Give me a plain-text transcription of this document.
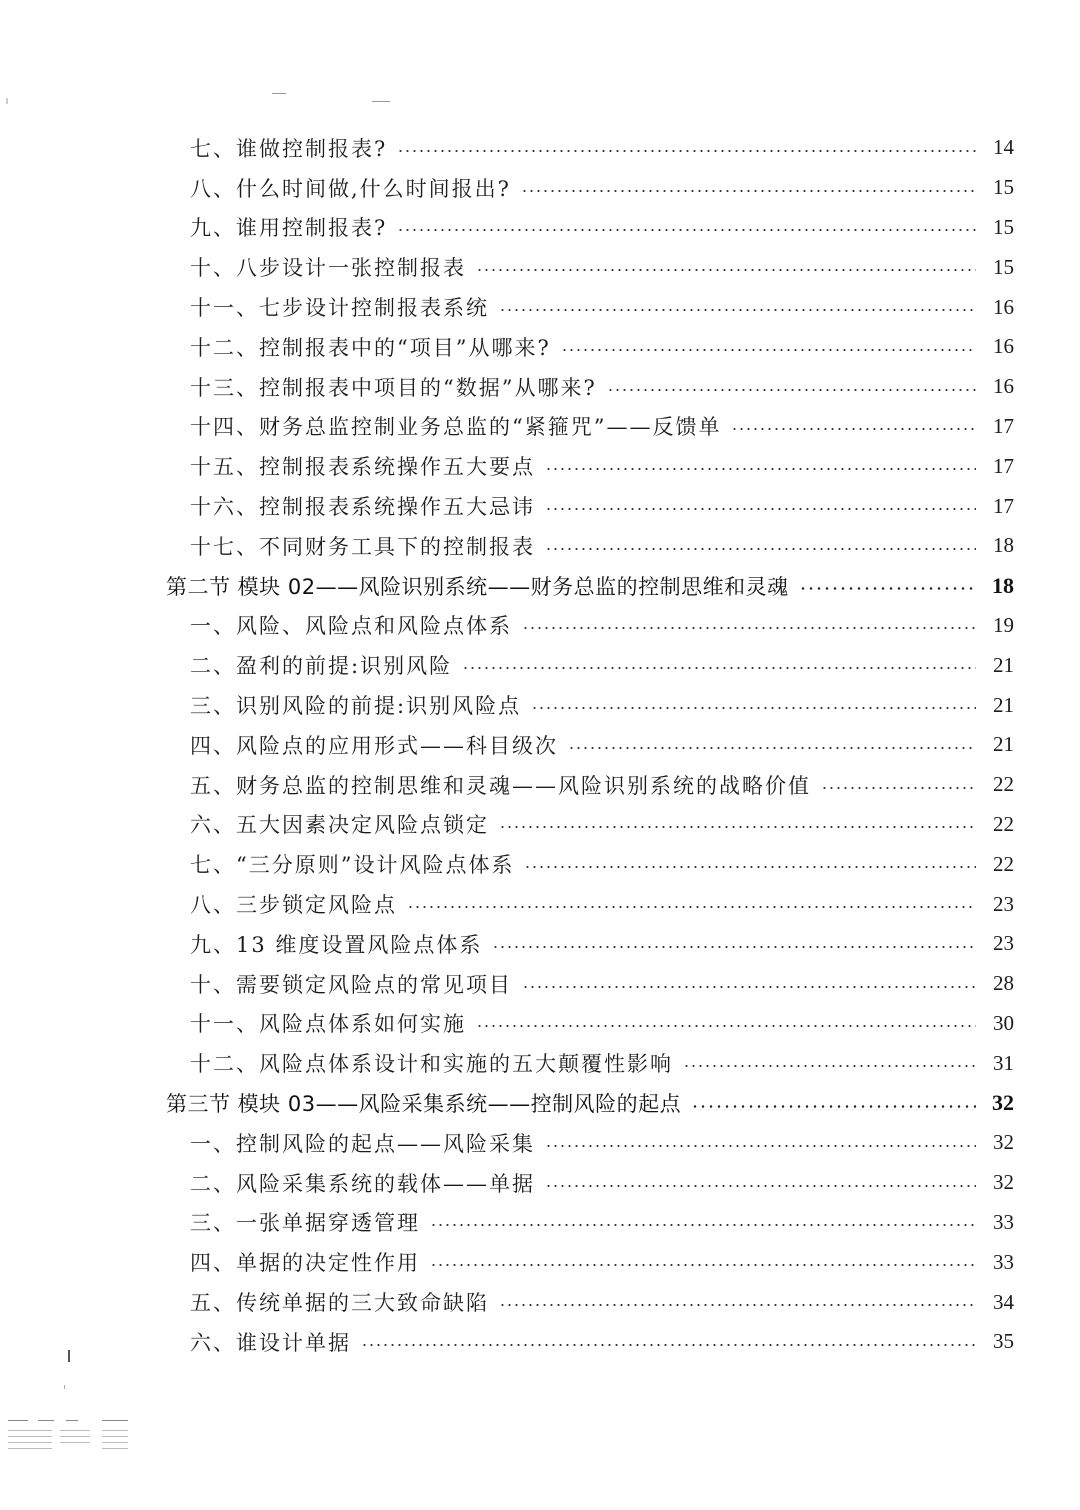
七、谁做控制报表?	14
八、什么时间做,什么时间报出?	15
九、谁用控制报表?	15
十、八步设计一张控制报表	15
十一、七步设计控制报表系统	16
十二、控制报表中的“项目”从哪来?	16
十三、控制报表中项目的“数据”从哪来?	16
十四、财务总监控制业务总监的“紧箍咒”——反馈单	17
十五、控制报表系统操作五大要点	17
十六、控制报表系统操作五大忌讳	17
十七、不同财务工具下的控制报表	18
第二节 模块 02——风险识别系统——财务总监的控制思维和灵魂	18
一、风险、风险点和风险点体系	19
二、盈利的前提:识别风险	21
三、识别风险的前提:识别风险点	21
四、风险点的应用形式——科目级次	21
五、财务总监的控制思维和灵魂——风险识别系统的战略价值	22
六、五大因素决定风险点锁定	22
七、“三分原则”设计风险点体系	22
八、三步锁定风险点	23
九、13 维度设置风险点体系	23
十、需要锁定风险点的常见项目	28
十一、风险点体系如何实施	30
十二、风险点体系设计和实施的五大颠覆性影响	31
第三节 模块 03——风险采集系统——控制风险的起点	32
一、控制风险的起点——风险采集	32
二、风险采集系统的载体——单据	32
三、一张单据穿透管理	33
四、单据的决定性作用	33
五、传统单据的三大致命缺陷	34
六、谁设计单据	35
